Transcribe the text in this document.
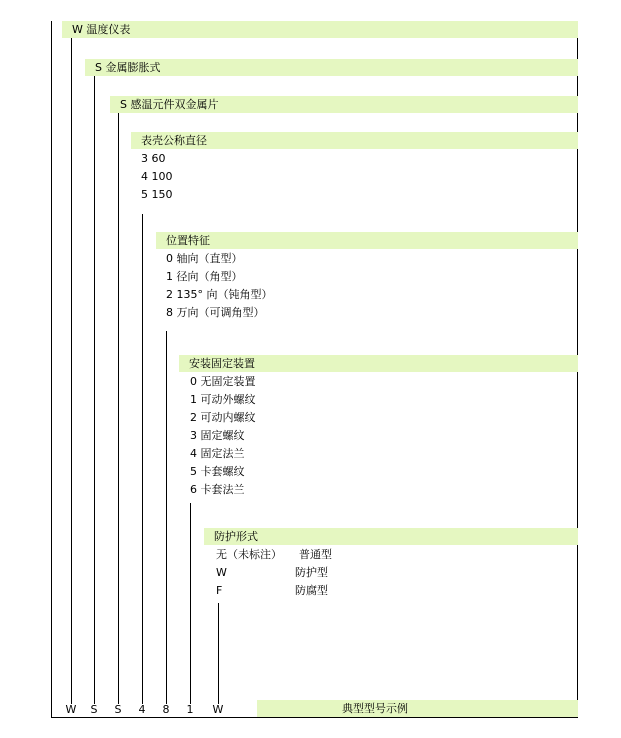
W 温度仪表
S 金属膨胀式
S 感温元件双金属片
表壳公称直径
3 60
4 100
5 150
位置特征
0 轴向（直型）
1 径向（角型）
2 135° 向（钝角型）
8 万向（可调角型）
安装固定装置
0 无固定装置
1 可动外螺纹
2 可动内螺纹
3 固定螺纹
4 固定法兰
5 卡套螺纹
6 卡套法兰
防护形式
无（未标注） 普通型
W	防护型
F	防腐型
W S S 4 8 1 W	典型型号示例
